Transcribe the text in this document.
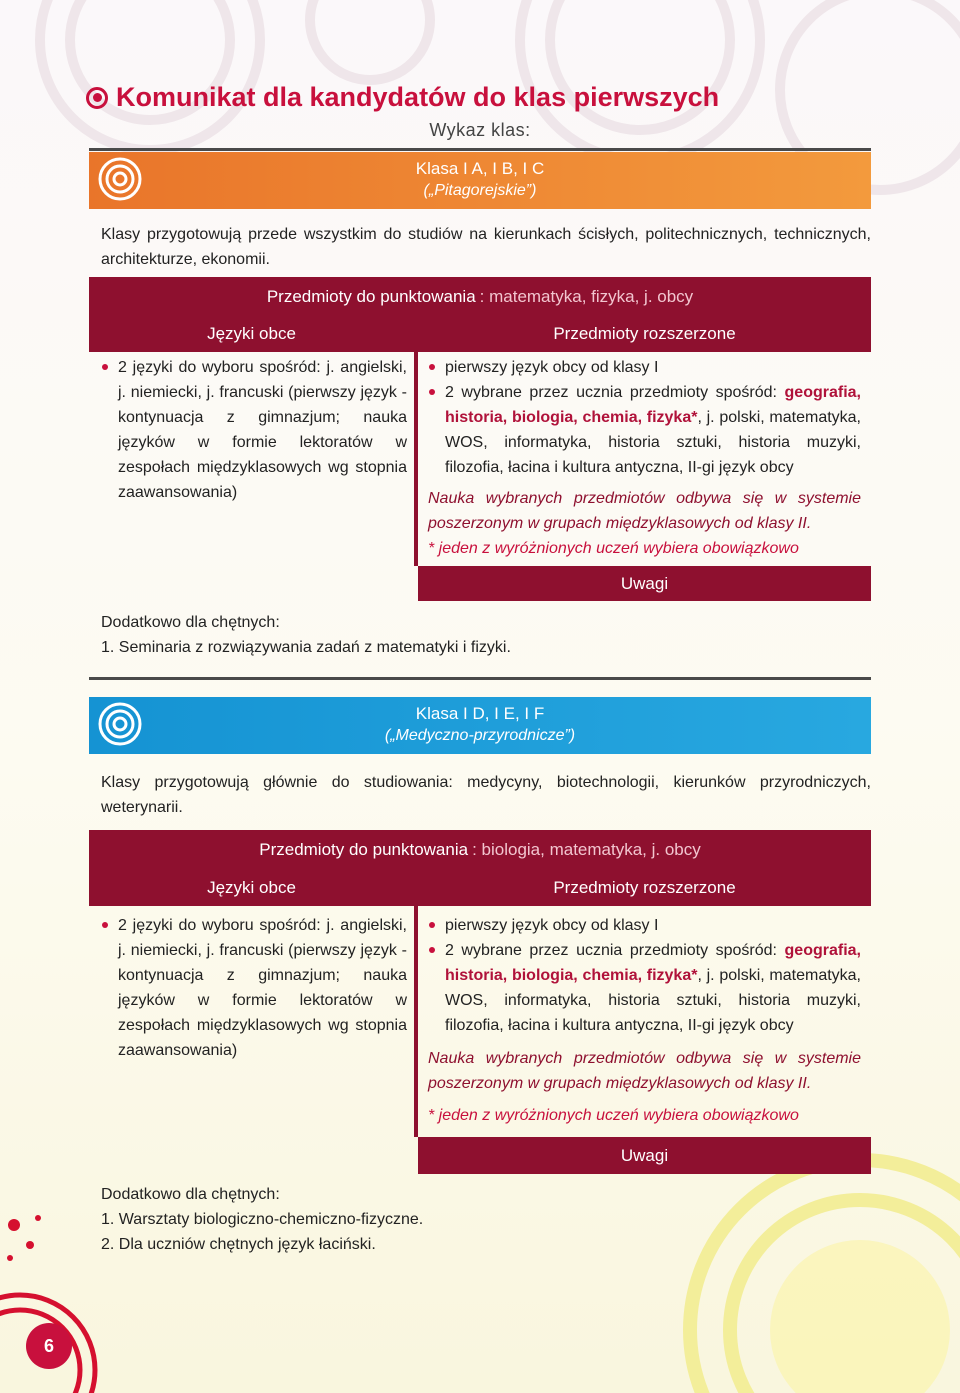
Komunikat dla kandydatów do klas pierwszych
Wykaz klas:
Klasa I A, I B, I C
(„Pitagorejskie”)
Klasy przygotowują przede wszystkim do studiów na kierunkach ścisłych, politechnicznych, technicznych, architekturze, ekonomii.
Przedmioty do punktowania : matematyka, fizyka, j. obcy
Języki obce	Przedmioty rozszerzone
2 języki do wyboru spośród: j. angielski, j. niemiecki, j. francuski (pierwszy język - kontynuacja z gimnazjum; nauka języków w formie lektoratów w zespołach międzyklasowych wg stopnia zaawansowania)
pierwszy język obcy od klasy I
2 wybrane przez ucznia przedmioty spośród: geografia, historia, biologia, chemia, fizyka*, j. polski, matematyka, WOS, informatyka, historia sztuki, historia muzyki, filozofia, łacina i kultura antyczna, II-gi język obcy
Nauka wybranych przedmiotów odbywa się w systemie poszerzonym w grupach międzyklasowych od klasy II.
* jeden z wyróżnionych uczeń wybiera obowiązkowo
Uwagi
Dodatkowo dla chętnych:
1. Seminaria z rozwiązywania zadań z matematyki i fizyki.
Klasa I D, I E, I F
(„Medyczno-przyrodnicze”)
Klasy przygotowują głównie do studiowania: medycyny, biotechnologii, kierunków przyrodniczych, weterynarii.
Przedmioty do punktowania : biologia, matematyka, j. obcy
Języki obce	Przedmioty rozszerzone
2 języki do wyboru spośród: j. angielski, j. niemiecki, j. francuski (pierwszy język - kontynuacja z gimnazjum; nauka języków w formie lektoratów w zespołach międzyklasowych wg stopnia zaawansowania)
pierwszy język obcy od klasy I
2 wybrane przez ucznia przedmioty spośród: geografia, historia, biologia, chemia, fizyka*, j. polski, matematyka, WOS, informatyka, historia sztuki, historia muzyki, filozofia, łacina i kultura antyczna, II-gi język obcy
Nauka wybranych przedmiotów odbywa się w systemie poszerzonym w grupach międzyklasowych od klasy II.
* jeden z wyróżnionych uczeń wybiera obowiązkowo
Uwagi
Dodatkowo dla chętnych:
1. Warsztaty biologiczno-chemiczno-fizyczne.
2. Dla uczniów chętnych język łaciński.
6
